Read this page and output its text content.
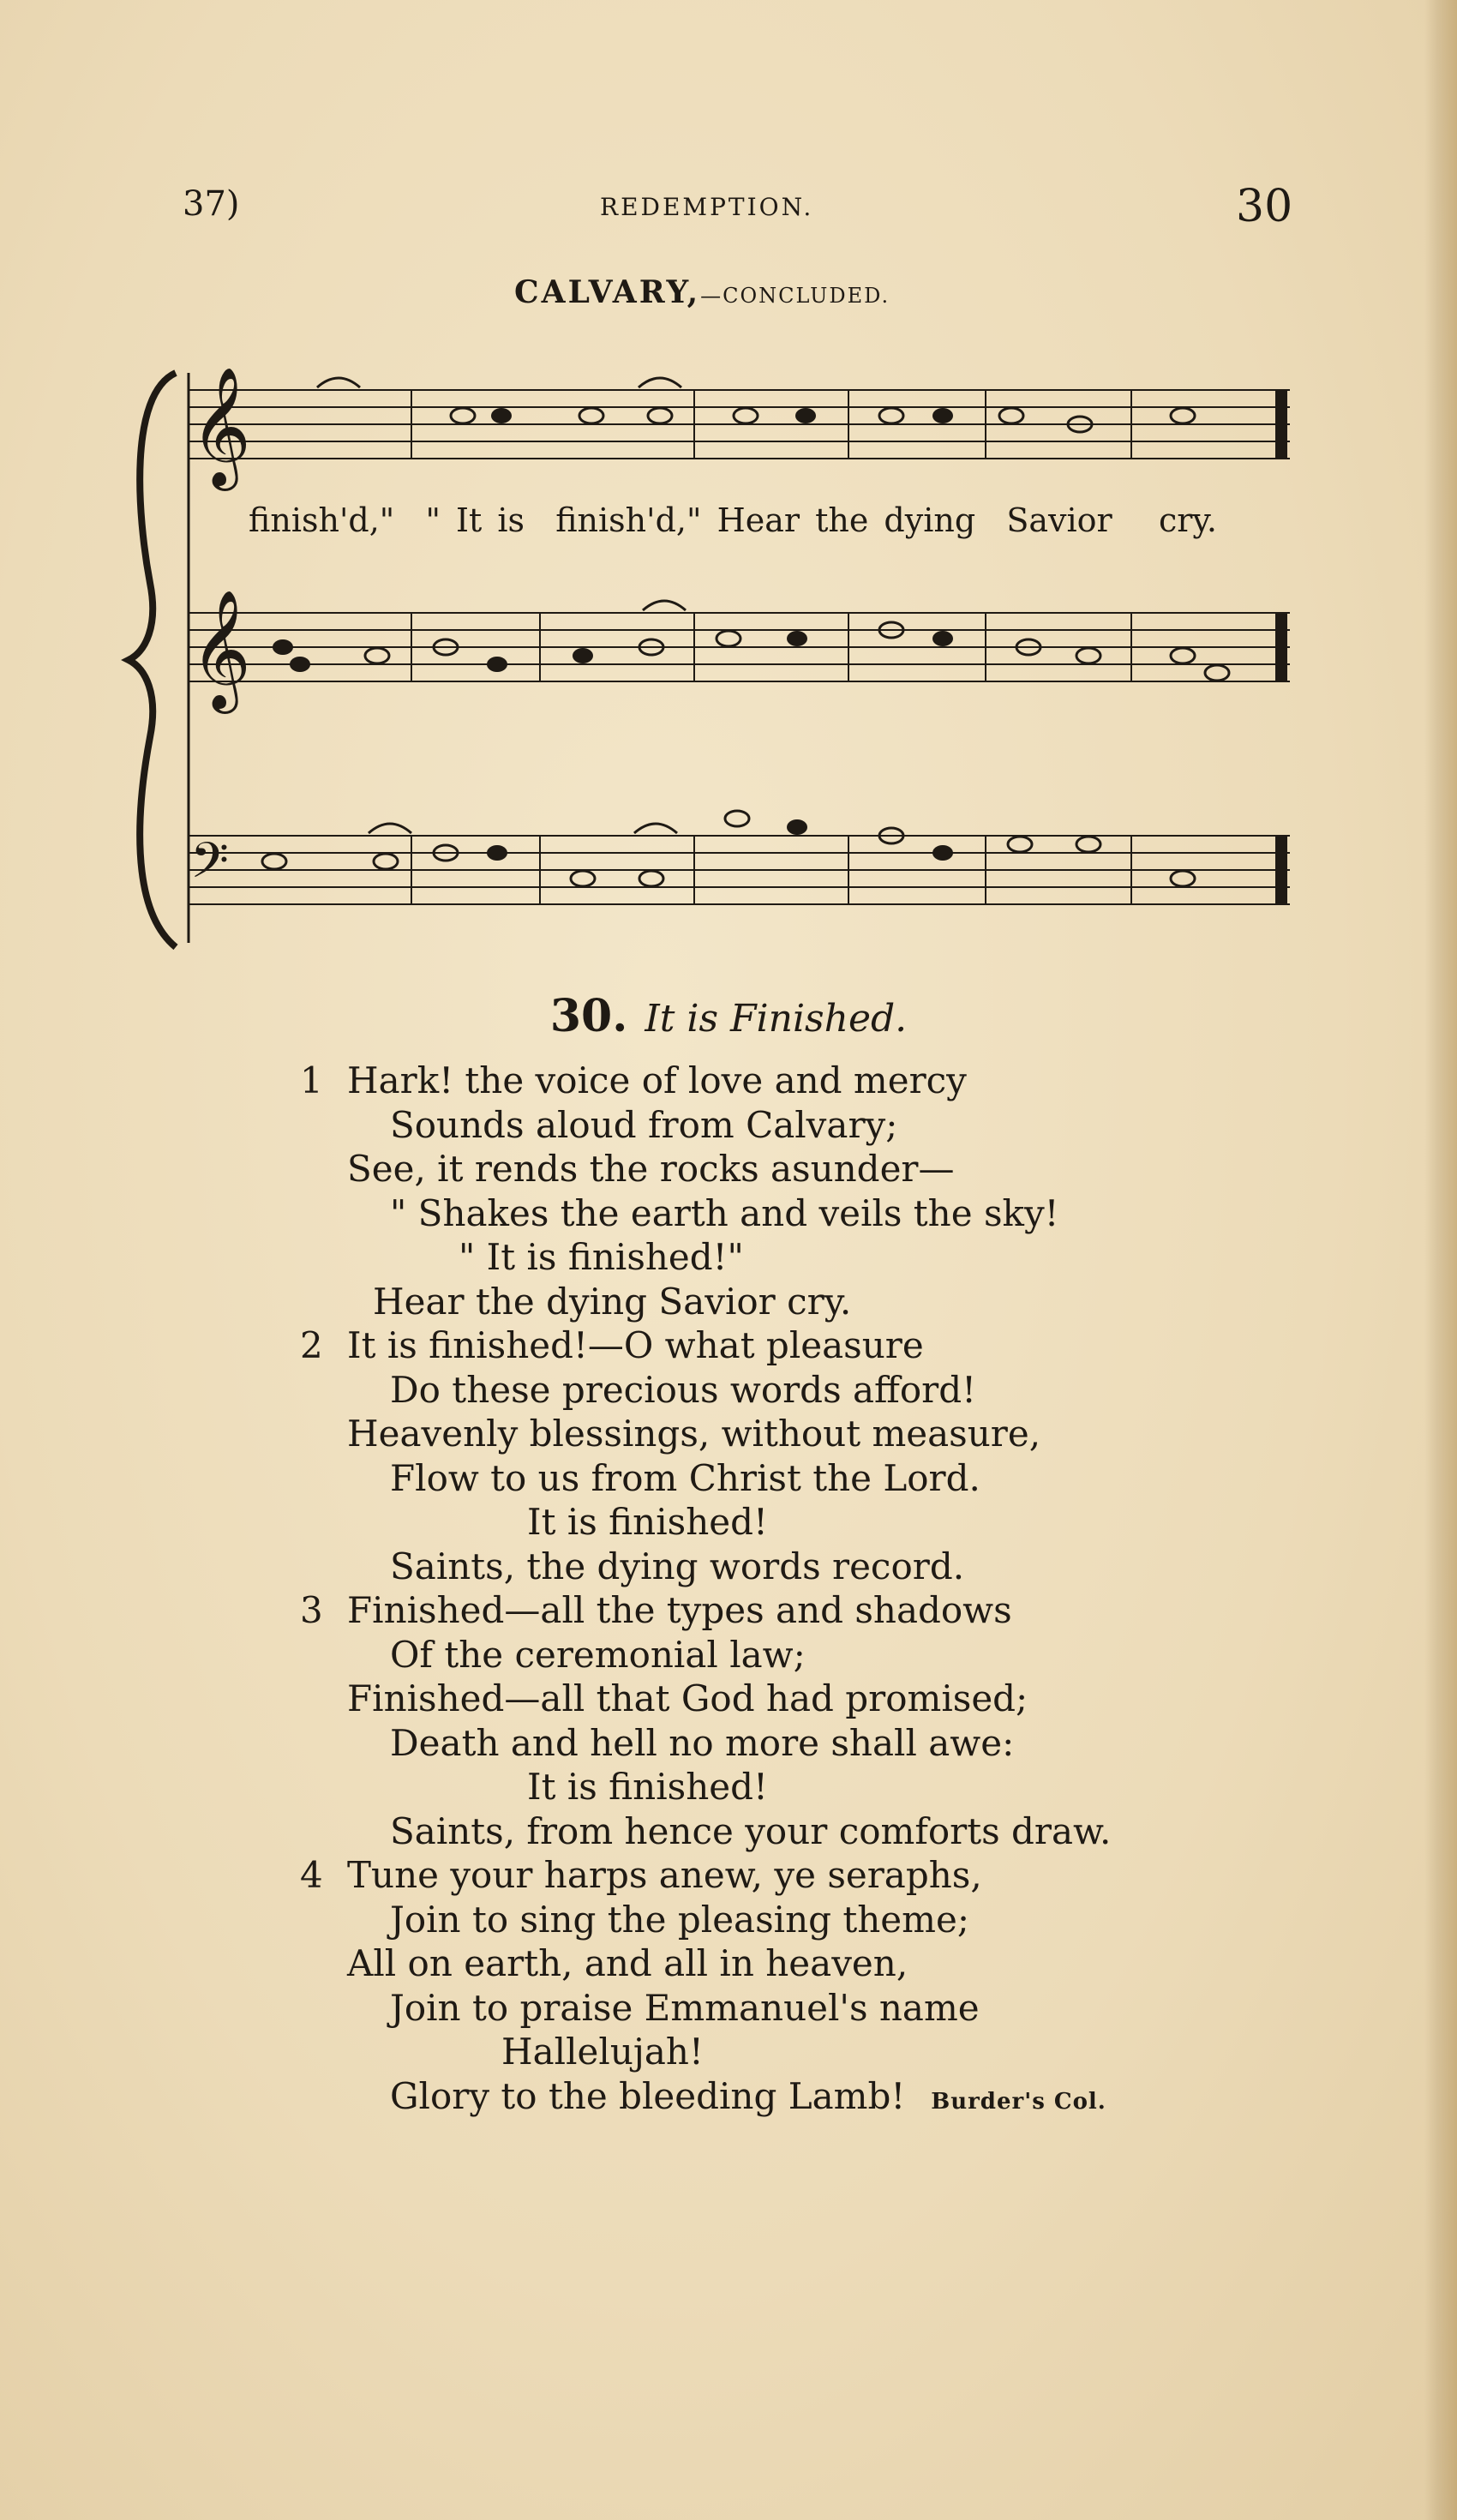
37)	REDEMPTION.	30
CALVARY,—CONCLUDED.
𝄞
𝄞
𝄢
finish'd," " It is finish'd," Hear the dying Savior cry.
30. It is Finished.
1 Hark! the voice of love and mercy
Sounds aloud from Calvary;
See, it rends the rocks asunder—
" Shakes the earth and veils the sky!
" It is finished!"
Hear the dying Savior cry.
2 It is finished!—O what pleasure
Do these precious words afford!
Heavenly blessings, without measure,
Flow to us from Christ the Lord.
It is finished!
Saints, the dying words record.
3 Finished—all the types and shadows
Of the ceremonial law;
Finished—all that God had promised;
Death and hell no more shall awe:
It is finished!
Saints, from hence your comforts draw.
4 Tune your harps anew, ye seraphs,
Join to sing the pleasing theme;
All on earth, and all in heaven,
Join to praise Emmanuel's name
Hallelujah!
Glory to the bleeding Lamb! Burder's Col.
